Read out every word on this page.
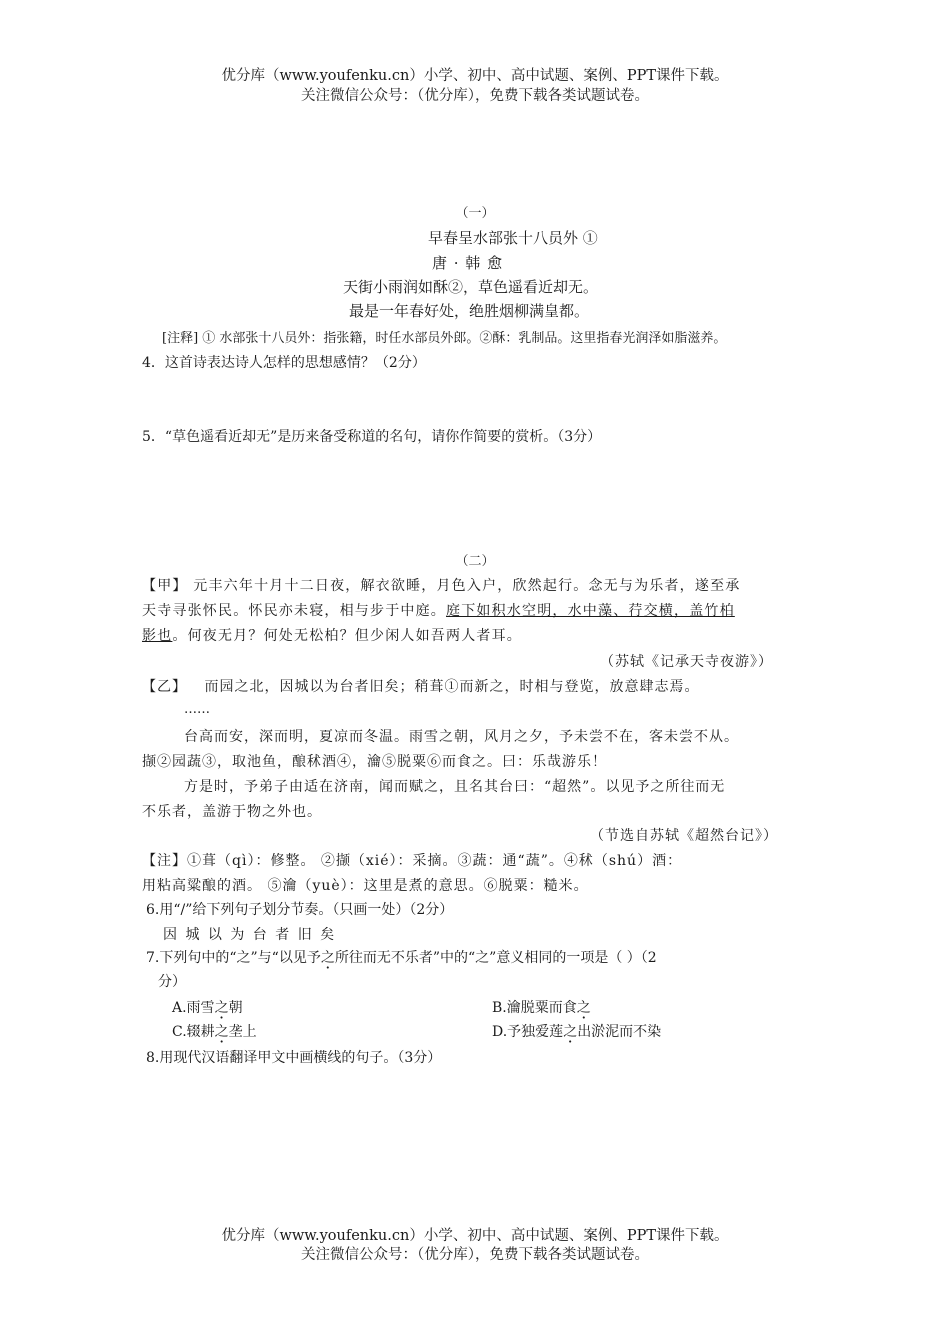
优分库（www.youfenku.cn）小学、初中、高中试题、案例、PPT课件下载。
关注微信公众号：（优分库），免费下载各类试题试卷。
（一）
早春呈水部张十八员外 ①
唐 · 韩 愈
天街小雨润如酥②，草色遥看近却无。
最是一年春好处，绝胜烟柳满皇都。
[注释] ① 水部张十八员外：指张籍，时任水部员外郎。②酥：乳制品。这里指春光润泽如脂滋养。
4．这首诗表达诗人怎样的思想感情？（2分）
5．“草色遥看近却无”是历来备受称道的名句，请你作简要的赏析。（3分）
（二）
【甲】 元丰六年十月十二日夜，解衣欲睡，月色入户，欣然起行。念无与为乐者，遂至承
天寺寻张怀民。怀民亦未寝，相与步于中庭。庭下如积水空明，水中藻、荇交横，盖竹柏
影也。何夜无月？何处无松柏？但少闲人如吾两人者耳。
（苏轼《记承天寺夜游》）
【乙】 而园之北，因城以为台者旧矣；稍葺①而新之，时相与登览，放意肆志焉。
……
台高而安，深而明，夏凉而冬温。雨雪之朝，风月之夕，予未尝不在，客未尝不从。
撷②园蔬③，取池鱼，酿秫酒④，瀹⑤脱粟⑥而食之。曰：乐哉游乐！
方是时，予弟子由适在济南，闻而赋之，且名其台曰：“超然”。以见予之所往而无
不乐者，盖游于物之外也。
（节选自苏轼《超然台记》）
【注】①葺（qì）：修整。 ②撷（xié）：采摘。③蔬：通“蔬”。④秫（shú）酒：
用粘高粱酿的酒。 ⑤瀹（yuè）：这里是煮的意思。⑥脱粟：糙米。
6.用“/”给下列句子划分节奏。（只画一处）（2分）
因 城 以 为 台 者 旧 矣
7.下列句中的“之”与“以见予之所往而无不乐者”中的“之”意义相同的一项是（ ）（2
分）
A.雨雪之朝	B.瀹脱粟而食之
C.辍耕之垄上	D.予独爱莲之出淤泥而不染
8.用现代汉语翻译甲文中画横线的句子。（3分）
优分库（www.youfenku.cn）小学、初中、高中试题、案例、PPT课件下载。
关注微信公众号：（优分库），免费下载各类试题试卷。
